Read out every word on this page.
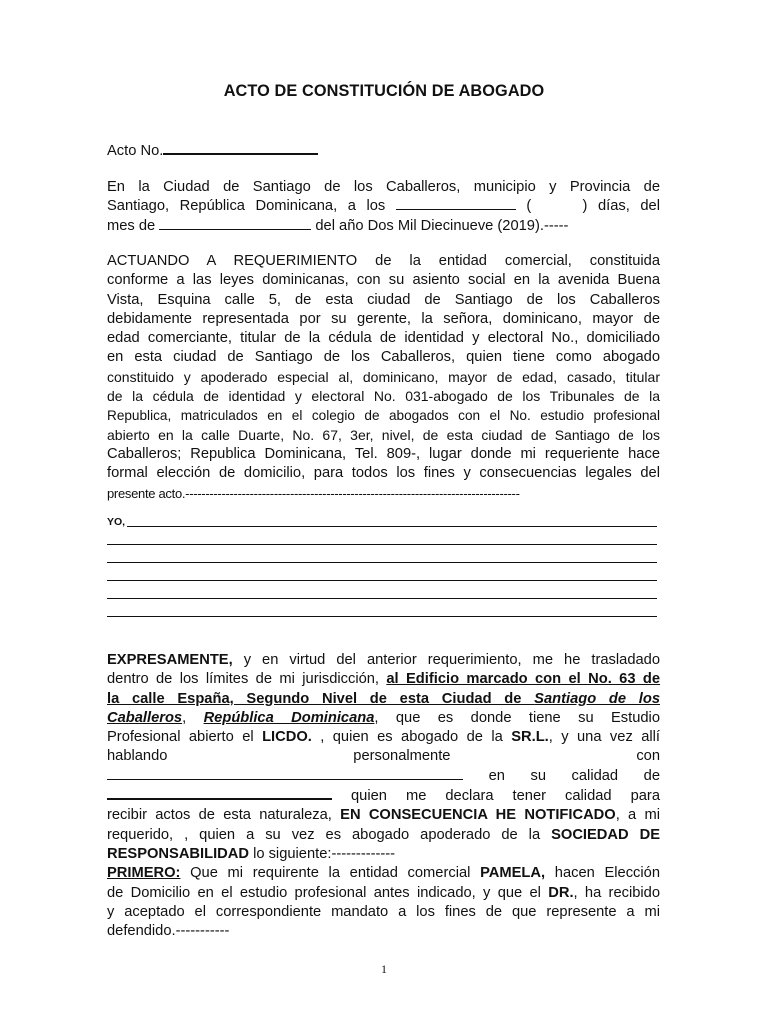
ACTO DE CONSTITUCIÓN DE ABOGADO
Acto No.
En la Ciudad de Santiago de los Caballeros, municipio y Provincia de
Santiago, República Dominicana, a los	(	) días, del
mes de	del año Dos Mil Diecinueve (2019).-----
ACTUANDO A REQUERIMIENTO de la entidad comercial, constituida
conforme a las leyes dominicanas, con su asiento social en la avenida Buena
Vista, Esquina calle 5, de esta ciudad de Santiago de los Caballeros
debidamente representada por su gerente, la señora, dominicano, mayor de
edad comerciante, titular de la cédula de identidad y electoral No., domiciliado
en esta ciudad de Santiago de los Caballeros, quien tiene como abogado
constituido y apoderado especial al, dominicano, mayor de edad, casado, titular
de la cédula de identidad y electoral No. 031-abogado de los Tribunales de la
Republica, matriculados en el colegio de abogados con el No. estudio profesional
abierto en la calle Duarte, No. 67, 3er, nivel, de esta ciudad de Santiago de los
Caballeros; Republica Dominicana, Tel. 809-, lugar donde mi requeriente hace
formal elección de domicilio, para todos los fines y consecuencias legales del
presente acto.-----------------------------------------------------------------------------------
YO,
EXPRESAMENTE, y en virtud del anterior requerimiento, me he trasladado
dentro de los límites de mi jurisdicción, al Edificio marcado con el No. 63 de
la calle España, Segundo Nivel de esta Ciudad de Santiago de los
Caballeros, República Dominicana, que es donde tiene su Estudio
Profesional abierto el LICDO. , quien es abogado de la SR.L., y una vez allí
hablando	personalmente	con
en su calidad de
quien me declara tener calidad para
recibir actos de esta naturaleza, EN CONSECUENCIA HE NOTIFICADO, a mi
requerido, , quien a su vez es abogado apoderado de la SOCIEDAD DE
RESPONSABILIDAD lo siguiente:-------------
PRIMERO: Que mi requirente la entidad comercial PAMELA, hacen Elección
de Domicilio en el estudio profesional antes indicado, y que el DR., ha recibido
y aceptado el correspondiente mandato a los fines de que represente a mi
defendido.-----------
1
